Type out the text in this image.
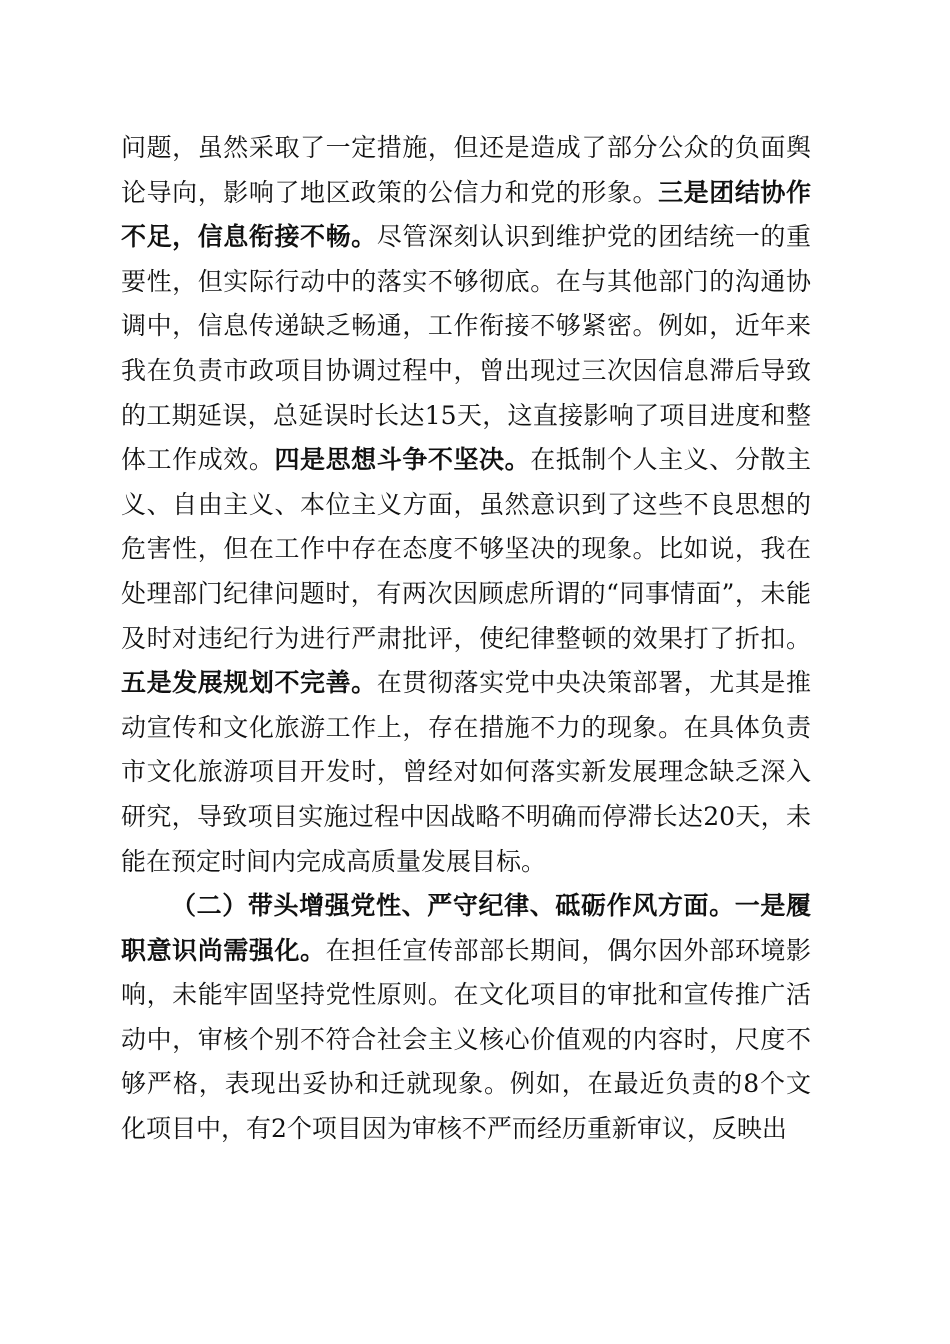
问题，虽然采取了一定措施，但还是造成了部分公众的负面舆论导向，影响了地区政策的公信力和党的形象。三是团结协作不足，信息衔接不畅。尽管深刻认识到维护党的团结统一的重要性，但实际行动中的落实不够彻底。在与其他部门的沟通协调中，信息传递缺乏畅通，工作衔接不够紧密。例如，近年来我在负责市政项目协调过程中，曾出现过三次因信息滞后导致的工期延误，总延误时长达15天，这直接影响了项目进度和整体工作成效。四是思想斗争不坚决。在抵制个人主义、分散主义、自由主义、本位主义方面，虽然意识到了这些不良思想的危害性，但在工作中存在态度不够坚决的现象。比如说，我在处理部门纪律问题时，有两次因顾虑所谓的“同事情面”，未能及时对违纪行为进行严肃批评，使纪律整顿的效果打了折扣。五是发展规划不完善。在贯彻落实党中央决策部署，尤其是推动宣传和文化旅游工作上，存在措施不力的现象。在具体负责市文化旅游项目开发时，曾经对如何落实新发展理念缺乏深入研究，导致项目实施过程中因战略不明确而停滞长达20天，未能在预定时间内完成高质量发展目标。

（二）带头增强党性、严守纪律、砥砺作风方面。一是履职意识尚需强化。在担任宣传部部长期间，偶尔因外部环境影响，未能牢固坚持党性原则。在文化项目的审批和宣传推广活动中，审核个别不符合社会主义核心价值观的内容时，尺度不够严格，表现出妥协和迁就现象。例如，在最近负责的8个文化项目中，有2个项目因为审核不严而经历重新审议，反映出
